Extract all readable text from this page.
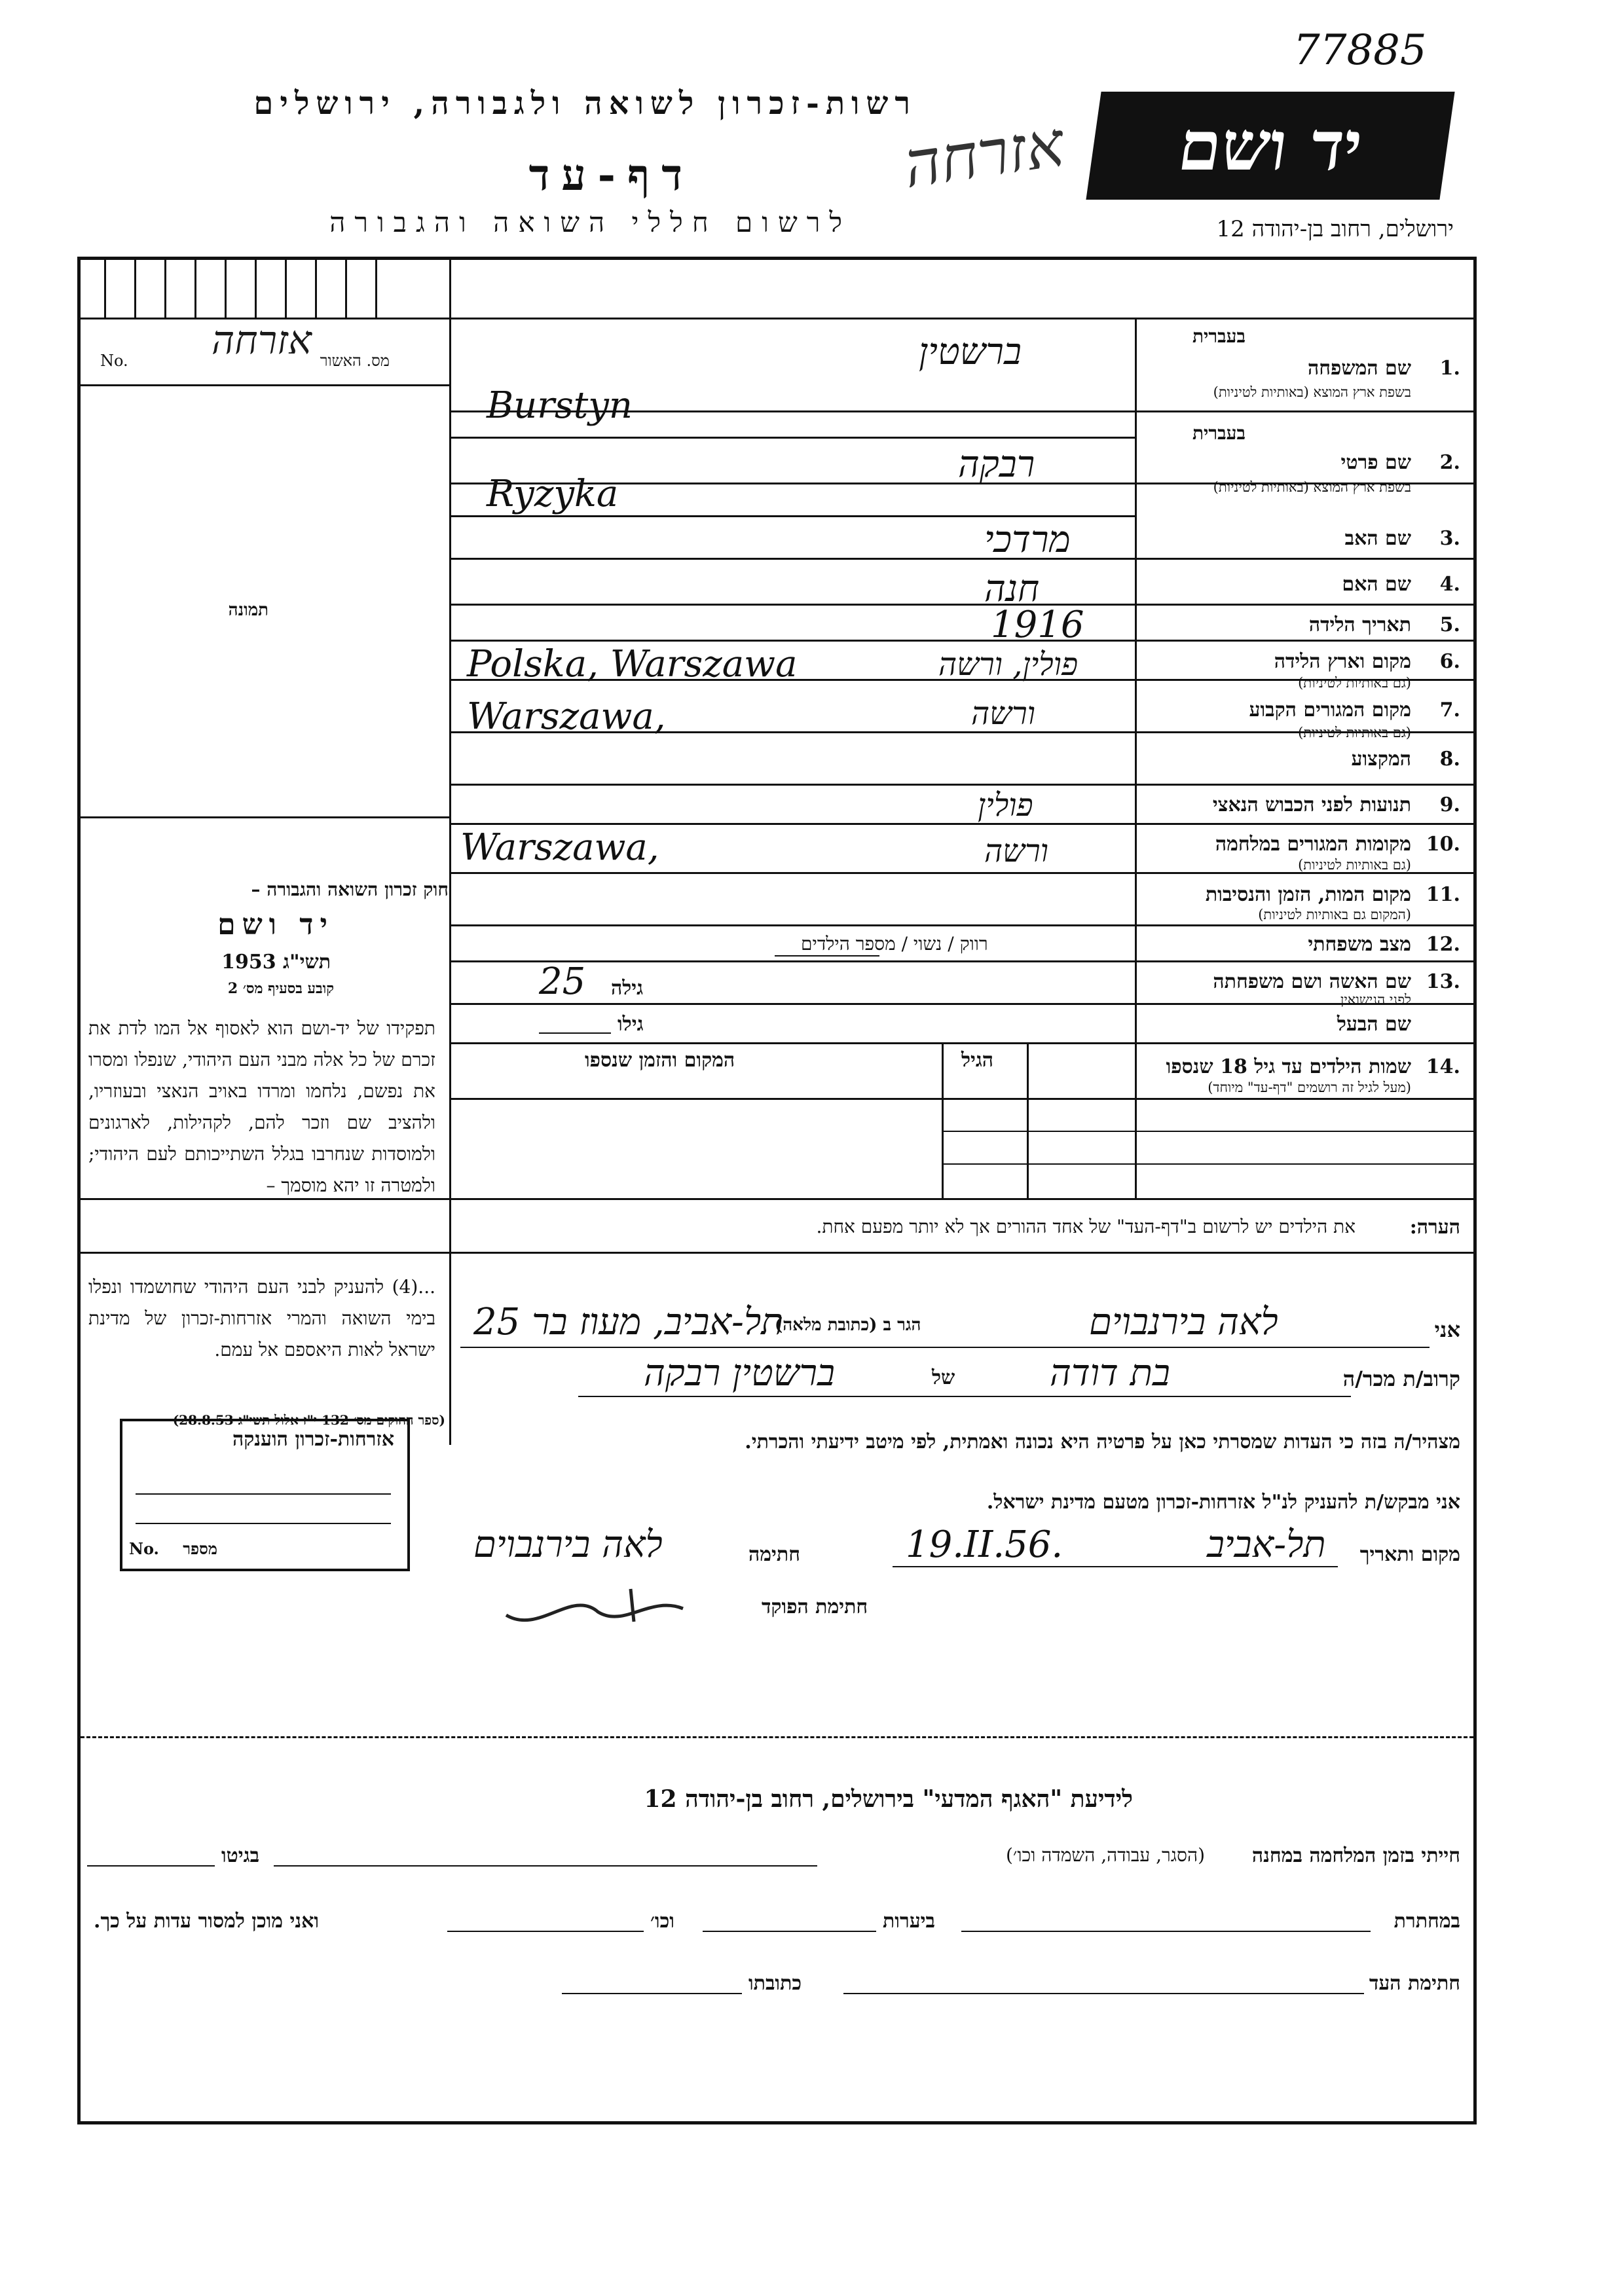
77885
רשות-זכרון לשואה ולגבורה, ירושלים
דף-עד
לרשום חללי השואה והגבורה
יד ושם
ירושלים, רחוב בן-יהודה 12
אזרחה
מס. האשור
No. אזרחה
תמונה
חוק זכרון השואה והגבורה –
יד ושם
תשי"ג 1953
קובע בסעיף מס׳ 2
תפקידו של יד-ושם הוא לאסוף אל המו לדת את זכרם של כל אלה מבני העם היהודי, שנפלו ומסרו את נפשם, נלחמו ומרדו באויב הנאצי ובעוזריו, ולהציב שם וזכר להם, לקהילות, לארגונים ולמוסדות שנחרבו בגלל השתייכותם לעם היהודי; ולמטרה זו יהא מוסמך –
...(4) להעניק לבני העם היהודי שחושמדו ונפלו בימי השואה והמרי אזרחות-זכרון של מדינת ישראל לאות היאספם אל עמם.
(ספר החוקים מס׳ 132 י"ז אלול תשי"ג 28.8.53)
בעברית
1.
שם המשפחה
בשפת ארץ המוצא (באותיות לטיניות)
ברשטין
Burstyn
בעברית
2.
שם פרטי
בשפת ארץ המוצא (באותיות לטיניות)
רבקה
Ryzyka
3.
שם האב
מרדכי
4.
שם האם
חנה
5.
תאריך הלידה
1916
6.
מקום וארץ הלידה
(גם באותיות לטיניות)
Polska, Warszawa	פולין, ורשה
7.
מקום המגורים הקבוע
(גם באותיות לטיניות)
Warszawa,	ורשה
8.
המקצוע
9.
תנועות לפני הכבוש הנאצי
10.
מקומות המגורים במלחמה
(גם באותיות לטיניות)
פולין
Warszawa,	ורשה
11.
מקום המות, הזמן והנסיבות
(המקום גם באותיות לטיניות)
12.
מצב משפחתי
רווק / נשוי / מספר הילדים
13.
שם האשה ושם משפחתה
לפני הנישואין
גילה
25
שם הבעל
גילו
14.
שמות הילדים עד גיל 18 שנספו
(מעל לגיל זה רושמים "דף-עד" מיוחד)
הגיל
המקום והזמן שנספו
הערה:
את הילדים יש לרשום ב"דף-העד" של אחד ההורים אך לא יותר מפעם אחת.
אני
לאה בירנבוים
הגר ב (כתובת מלאה)
תל-אביב, מעוז בר 25
קרוב/ת מכר/ה
בת דודה
של
ברשטין רבקה
מצהיר/ה בזה כי העדות שמסרתי כאן על פרטיה היא נכונה ואמתית, לפי מיטב ידיעתי והכרתי.
אני מבקש/ת להעניק לנ"ל אזרחות-זכרון מטעם מדינת ישראל.
מקום ותאריך
תל-אביב
19.II.56.
חתימה
לאה בירנבוים
חתימת הפוקד
אזרחות-זכרון הוענקה
מספר
No.
לידיעת "האגף המדעי" בירושלים, רחוב בן-יהודה 12
חייתי בזמן המלחמה במחנה
(הסגר, עבודה, השמדה וכו׳)
בגיטו
במחתרת
ביערות
וכו׳
ואני מוכן למסור עדות על כך.
חתימת העד
כתובתו
